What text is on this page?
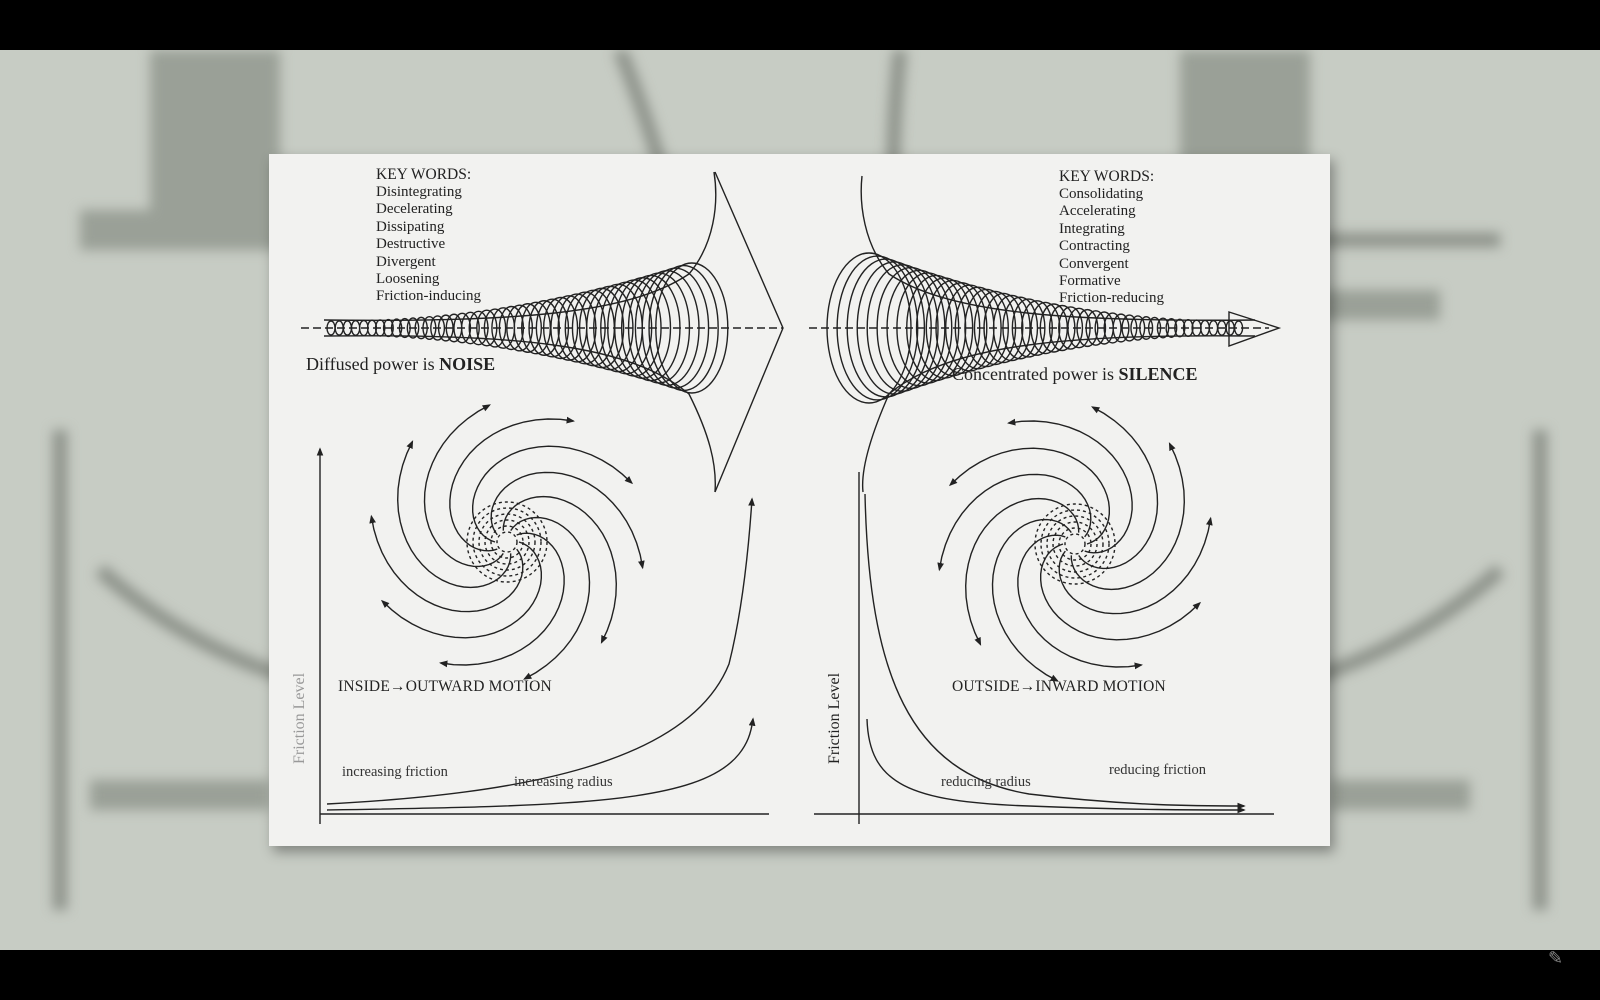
KEY WORDS:
Disintegrating
Decelerating
Dissipating
Destructive
Divergent
Loosening
Friction-inducing
Diffused power is NOISE
INSIDE→OUTWARD MOTION
Friction Level
increasing friction
increasing radius
KEY WORDS:
Consolidating
Accelerating
Integrating
Contracting
Convergent
Formative
Friction-reducing
Concentrated power is SILENCE
OUTSIDE→INWARD MOTION
Friction Level
reducing radius
reducing friction
✎
